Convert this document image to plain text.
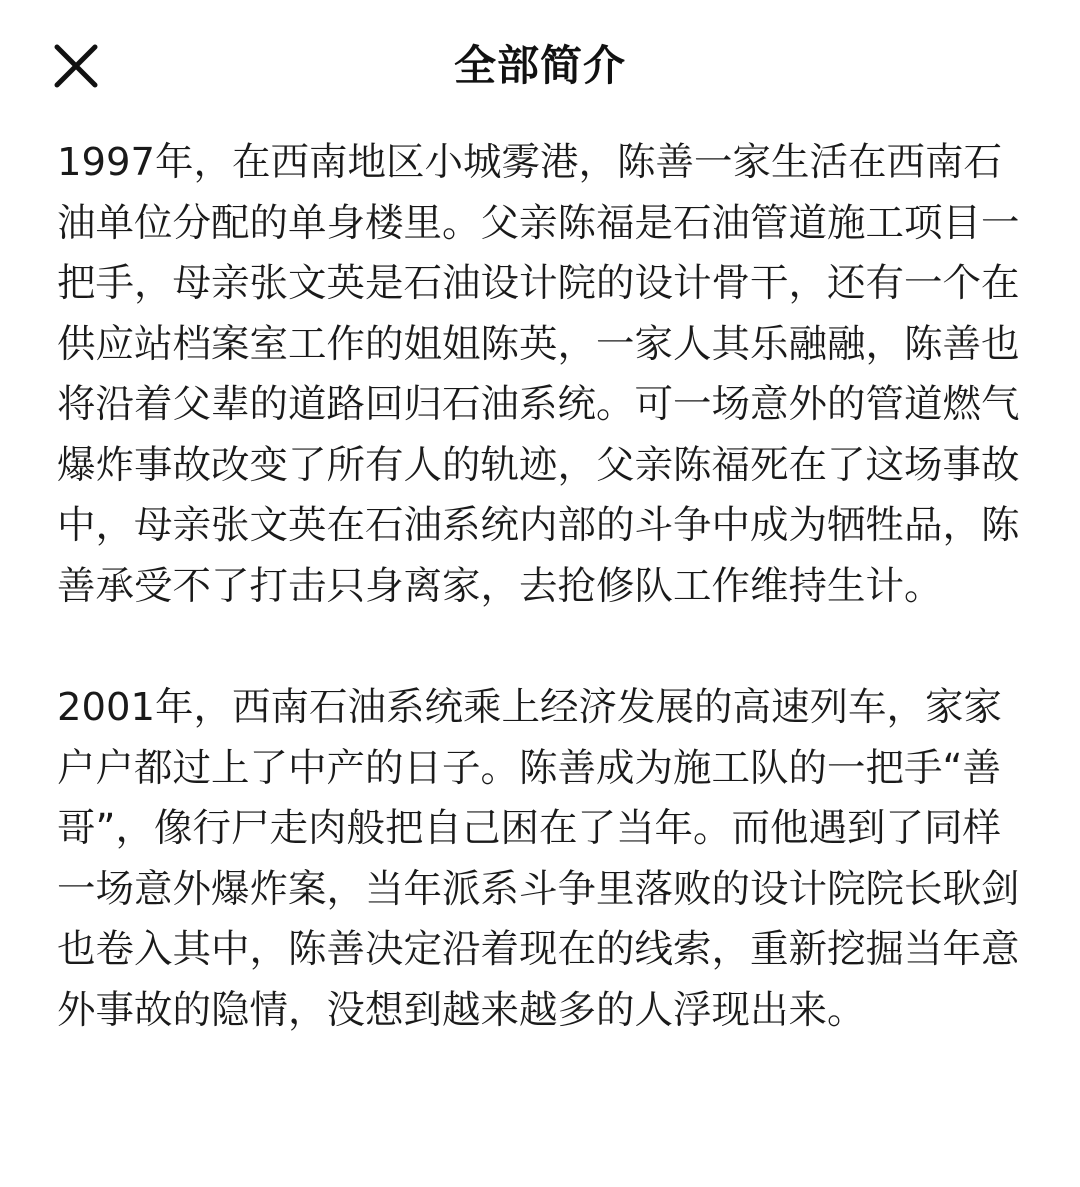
全部简介

1997年，在西南地区小城雾港，陈善一家生活在西南石油单位分配的单身楼里。父亲陈福是石油管道施工项目一把手，母亲张文英是石油设计院的设计骨干，还有一个在供应站档案室工作的姐姐陈英，一家人其乐融融，陈善也将沿着父辈的道路回归石油系统。可一场意外的管道燃气爆炸事故改变了所有人的轨迹，父亲陈福死在了这场事故中，母亲张文英在石油系统内部的斗争中成为牺牲品，陈善承受不了打击只身离家，去抢修队工作维持生计。

2001年，西南石油系统乘上经济发展的高速列车，家家户户都过上了中产的日子。陈善成为施工队的一把手“善哥”，像行尸走肉般把自己困在了当年。而他遇到了同样一场意外爆炸案，当年派系斗争里落败的设计院院长耿剑也卷入其中，陈善决定沿着现在的线索，重新挖掘当年意外事故的隐情，没想到越来越多的人浮现出来。
